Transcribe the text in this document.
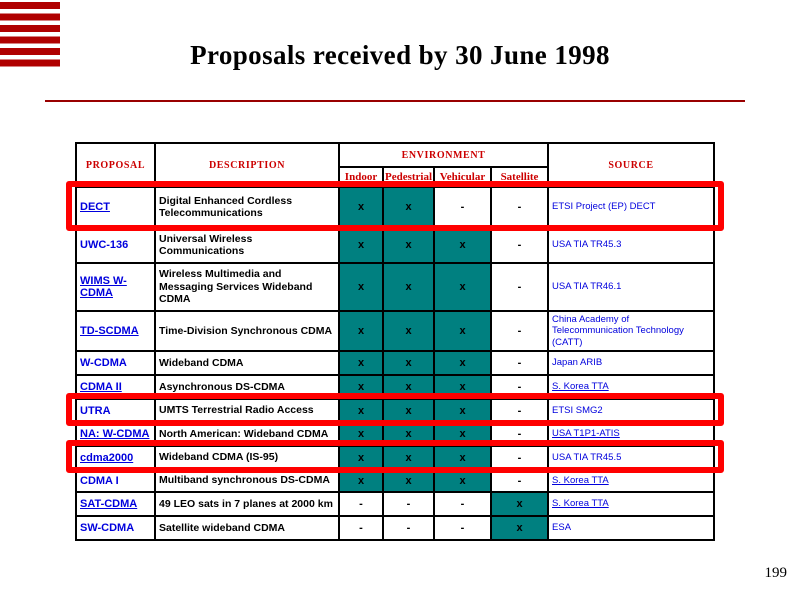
Proposals received by 30 June 1998
PROPOSAL	DESCRIPTION	ENVIRONMENT				SOURCE
		Indoor	Pedestrial	Vehicular	Satellite	
DECT	Digital Enhanced Cordless Telecommunications	x	x	-	-	ETSI Project (EP) DECT
UWC-136	Universal Wireless Communications	x	x	x	-	USA TIA TR45.3
WIMS W-CDMA	Wireless Multimedia and Messaging Services Wideband CDMA	x	x	x	-	USA TIA TR46.1
TD-SCDMA	Time-Division Synchronous CDMA	x	x	x	-	China Academy of Telecommunication Technology (CATT)
W-CDMA	Wideband CDMA	x	x	x	-	Japan ARIB
CDMA II	Asynchronous DS-CDMA	x	x	x	-	S. Korea TTA
UTRA	UMTS Terrestrial Radio Access	x	x	x	-	ETSI SMG2
NA: W-CDMA	North American: Wideband CDMA	x	x	x	-	USA T1P1-ATIS
cdma2000	Wideband CDMA (IS-95)	x	x	x	-	USA TIA TR45.5
CDMA I	Multiband synchronous DS-CDMA	x	x	x	-	S. Korea TTA
SAT-CDMA	49 LEO sats in 7 planes at 2000 km	-	-	-	x	S. Korea TTA
SW-CDMA	Satellite wideband CDMA	-	-	-	x	ESA
199
